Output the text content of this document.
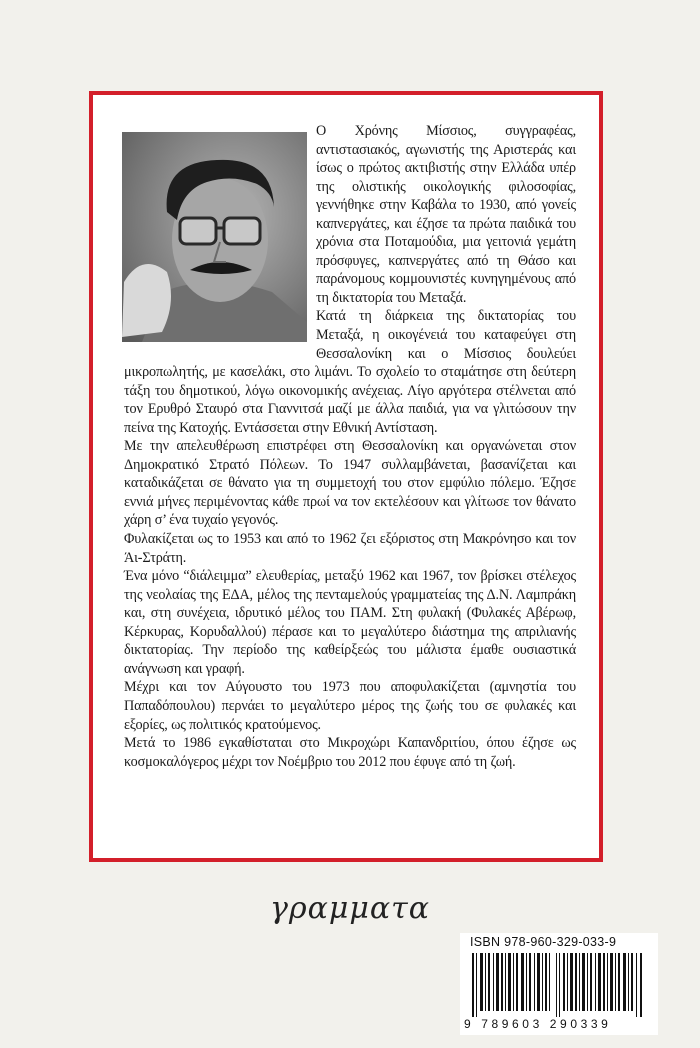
Ο Χρόνης Μίσσιος, συγγραφέας, αντιστασιακός, αγωνιστής της Αριστεράς και ίσως ο πρώτος ακτιβιστής στην Ελλάδα υπέρ της ολιστικής οικολογικής φιλοσοφίας, γεννήθηκε στην Καβάλα το 1930, από γονείς καπνεργάτες, και έζησε τα πρώτα παιδικά του χρόνια στα Ποταμούδια, μια γειτονιά γεμάτη πρόσφυγες, καπνεργάτες από τη Θάσο και παράνομους κομμουνιστές κυνηγημένους από τη δικτατορία του Μεταξά.

Κατά τη διάρκεια της δικτατορίας του Μεταξά, η οικογένειά του καταφεύγει στη Θεσσαλονίκη και ο Μίσσιος δουλεύει μικροπωλητής, με κασελάκι, στο λιμάνι. Το σχολείο το σταμάτησε στη δεύτερη τάξη του δημοτικού, λόγω οικονομικής ανέχειας. Λίγο αργότερα στέλνεται από τον Ερυθρό Σταυρό στα Γιαννιτσά μαζί με άλλα παιδιά, για να γλιτώσουν την πείνα της Κατοχής. Εντάσσεται στην Εθνική Αντίσταση.

Με την απελευθέρωση επιστρέφει στη Θεσσαλονίκη και οργανώνεται στον Δημοκρατικό Στρατό Πόλεων. Το 1947 συλλαμβάνεται, βασανίζεται και καταδικάζεται σε θάνατο για τη συμμετοχή του στον εμφύλιο πόλεμο. Έζησε εννιά μήνες περιμένοντας κάθε πρωί να τον εκτελέσουν και γλίτωσε τον θάνατο χάρη σ’ ένα τυχαίο γεγονός.

Φυλακίζεται ως το 1953 και από το 1962 ζει εξόριστος στη Μακρόνησο και τον Άι-Στράτη.

Ένα μόνο “διάλειμμα” ελευθερίας, μεταξύ 1962 και 1967, τον βρίσκει στέλεχος της νεολαίας της ΕΔΑ, μέλος της πενταμελούς γραμματείας της Δ.Ν. Λαμπράκη και, στη συνέχεια, ιδρυτικό μέλος του ΠΑΜ. Στη φυλακή (Φυλακές Αβέρωφ, Κέρκυρας, Κορυδαλλού) πέρασε και το μεγαλύτερο διάστημα της απριλιανής δικτατορίας. Την περίοδο της καθείρξεώς του μάλιστα έμαθε ουσιαστικά ανάγνωση και γραφή.

Μέχρι και τον Αύγουστο του 1973 που αποφυλακίζεται (αμνηστία του Παπαδόπουλου) περνάει το μεγαλύτερο μέρος της ζωής του σε φυλακές και εξορίες, ως πολιτικός κρατούμενος.

Μετά το 1986 εγκαθίσταται στο Μικροχώρι Καπανδριτίου, όπου έζησε ως κοσμοκαλόγερος μέχρι τον Νοέμβριο του 2012 που έφυγε από τη ζωή.

γραμματα
ISBN 978-960-329-033-9
9 789603 290339
